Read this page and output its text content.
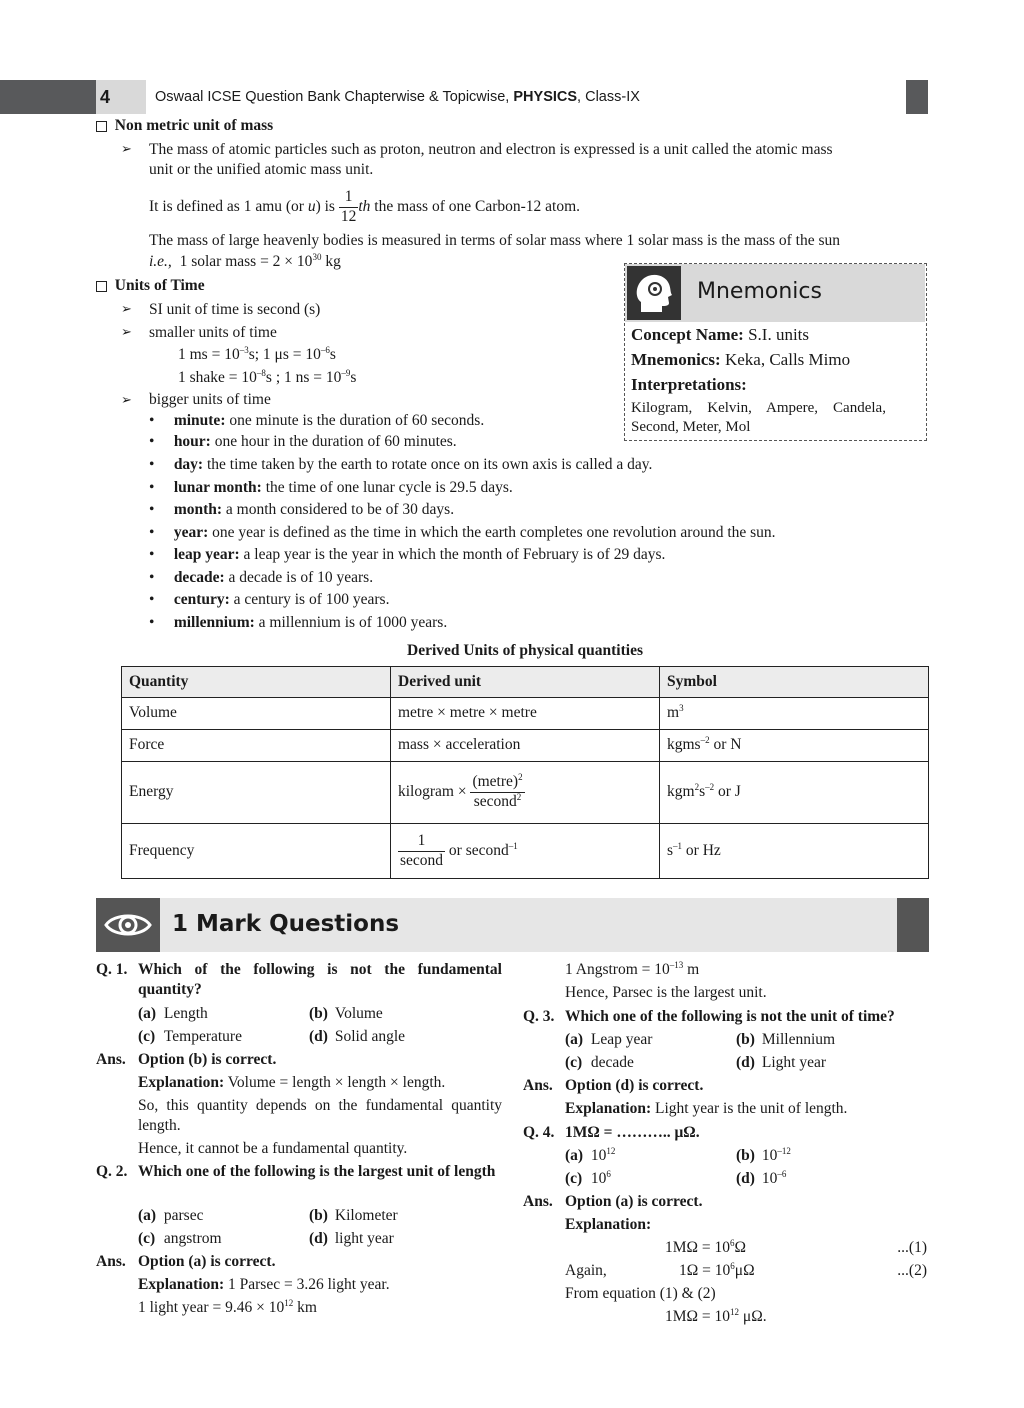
4	Oswaal ICSE Question Bank Chapterwise & Topicwise, PHYSICS, Class-IX
Non metric unit of mass
➢ The mass of atomic particles such as proton, neutron and electron is expressed is a unit called the atomic mass
unit or the unified atomic mass unit.
It is defined as 1 amu (or u) is $\frac{1}{12}$ th the mass of one Carbon-12 atom.
The mass of large heavenly bodies is measured in terms of solar mass where 1 solar mass is the mass of the sun
i.e., 1 solar mass = $2 \times 10^{30}$ kg
Units of Time
➢ SI unit of time is second (s)
➢ smaller units of time
1 ms = $10^{-3}s$; 1 $\mu s = 10^{-6}s$
1 shake = $10^{-8}s$ ; 1 ns = $10^{-9}s$
➢ bigger units of time
•     minute: one minute is the duration of 60 seconds.
•     hour: one hour in the duration of 60 minutes.
•     day: the time taken by the earth to rotate once on its own axis is called a day.
•     lunar month: the time of one lunar cycle is 29.5 days.
•     month: a month considered to be of 30 days.
•     year: one year is defined as the time in which the earth completes one revolution around the sun.
•     leap year: a leap year is the year in which the month of February is of 29 days.
•     decade: a decade is of 10 years.
•     century: a century is of 100 years.
•     millennium: a millennium is of 1000 years.
Mnemonics
Concept Name: S.I. units
Mnemonics: Keka, Calls Mimo
Interpretations:
Kilogram,    Kelvin,    Ampere,    Candela,
Second, Meter, Mol
Derived Units of physical quantities
Quantity	Derived unit	Symbol
Volume	metre × metre × metre	$m^3$
Force	mass × acceleration	kgms$^{-2}$ or N
Energy	kilogram × $\frac{(metre)^2}{second^2}$	$kgm^2s^{-2}$ or J
Frequency	$\frac{1}{\text{second}}$ or second$^{-1}$	$s^{-1}$ or Hz
1 Mark Questions
Q. 1. Which of the following is not the fundamental quantity?
(a) Length	(b) Volume
(c) Temperature	(d) Solid angle
Ans. Option (b) is correct.
Explanation: Volume = length × length × length.
So, this quantity depends on the fundamental quantity length.
Hence, it cannot be a fundamental quantity.
Q. 2. Which one of the following is the largest unit of length
(a) parsec	(b) Kilometer
(c) angstrom	(d) light year
Ans. Option (a) is correct.
Explanation: 1 Parsec = 3.26 light year.
1 light year = $9.46 \times 10^{12}$ km
1 Angstrom = $10^{-13}$ m
Hence, Parsec is the largest unit.
Q. 3. Which one of the following is not the unit of time?
(a) Leap year	(b) Millennium
(c) decade	(d) Light year
Ans. Option (d) is correct.
Explanation: Light year is the unit of length.
Q. 4. 1MΩ = ……….. μΩ.
(a) $10^{12}$	(b) $10^{-12}$
(c) $10^6$	(d) $10^{-6}$
Ans. Option (a) is correct.
Explanation:
$1M\Omega = 10^6\Omega$	...(1)
Again,	$1\Omega = 10^6\mu\Omega$	...(2)
From equation (1) & (2)
$1M\Omega = 10^{12}$ μΩ.
